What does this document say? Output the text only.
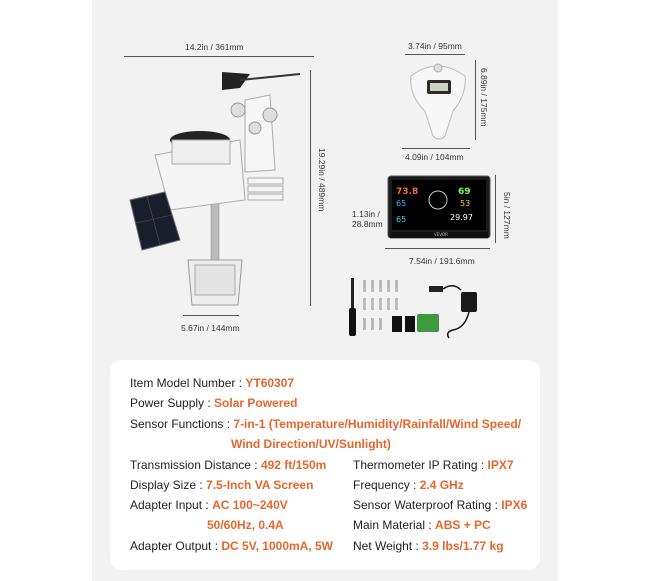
14.2in / 361mm
19.29in / 489mm
5.67in / 144mm
3.74in / 95mm
6.89in / 175mm
4.09in / 104mm
7.54in / 191.6mm
5in / 127mm
1.13in /
28.8mm
73.8
65
65
69
53
29.97
VEVOR
Item Model Number : YT60307
Power Supply : Solar Powered
Sensor Functions : 7-in-1 (Temperature/Humidity/Rainfall/Wind Speed/
Wind Direction/UV/Sunlight)
Transmission Distance : 492 ft/150m Thermometer IP Rating : IPX7
Display Size : 7.5-Inch VA Screen	Frequency : 2.4 GHz
Adapter Input : AC 100~240V	Sensor Waterproof Rating : IPX6
50/60Hz, 0.4A	Main Material : ABS + PC
Adapter Output : DC 5V, 1000mA, 5W Net Weight : 3.9 lbs/1.77 kg
